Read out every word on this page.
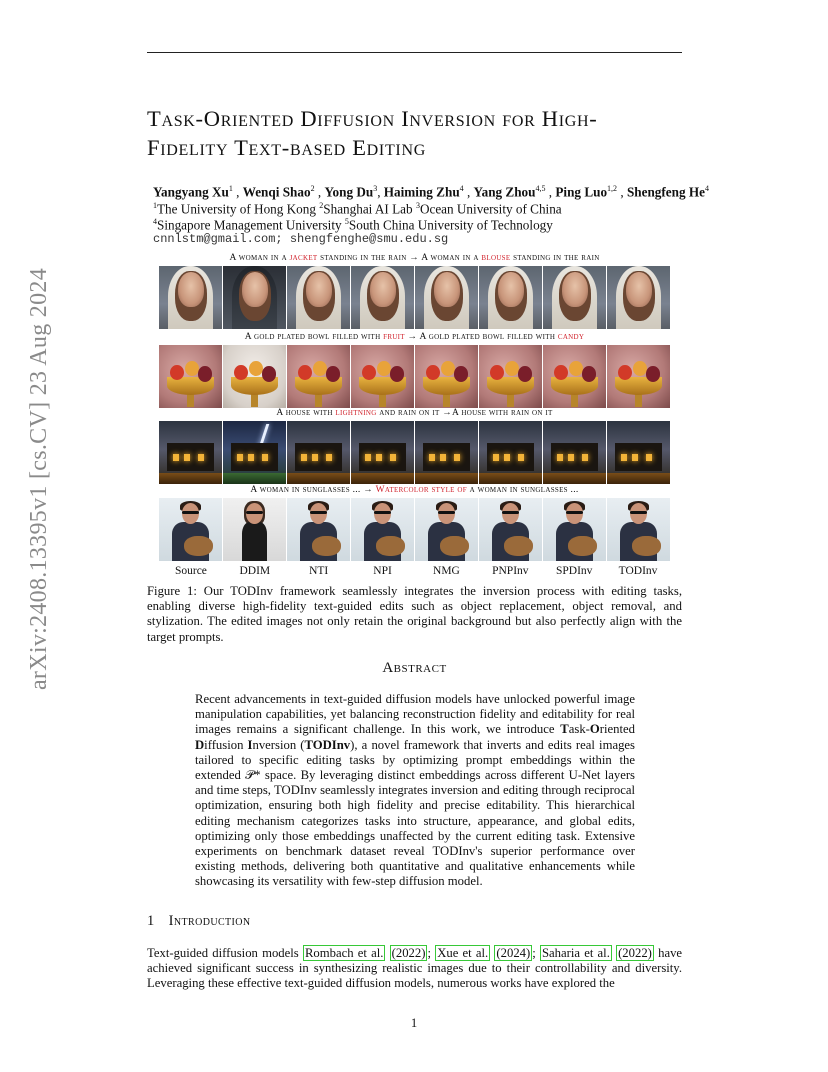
arXiv:2408.13395v1 [cs.CV] 23 Aug 2024
Task-Oriented Diffusion Inversion for High-
Fidelity Text-based Editing
Yangyang Xu$^1$ , Wenqi Shao$^2$ , Yong Du$^3$, Haiming Zhu$^4$ , Yang Zhou$^{4,5}$ , Ping Luo$^{1,2}$ , Shengfeng He$^4$
$^1$The University of Hong Kong $^2$Shanghai AI Lab $^3$Ocean University of China
$^4$Singapore Management University $^5$South China University of Technology
cnnlstm@gmail.com; shengfenghe@smu.edu.sg
A woman in a jacket standing in the rain → A woman in a blouse standing in the rain
A gold plated bowl filled with fruit → A gold plated bowl filled with candy
A house with lightning and rain on it →A house with rain on it
A woman in sunglasses ... → Watercolor style of a woman in sunglasses ...
Source	DDIM	NTI	NPI	NMG	PNPInv	SPDInv	TODInv
Figure 1: Our TODInv framework seamlessly integrates the inversion process with editing tasks, enabling diverse high-fidelity text-guided edits such as object replacement, object removal, and stylization. The edited images not only retain the original background but also perfectly align with the target prompts.
Abstract
Recent advancements in text-guided diffusion models have unlocked powerful image manipulation capabilities, yet balancing reconstruction fidelity and editability for real images remains a significant challenge. In this work, we introduce Task-Oriented Diffusion Inversion (TODInv), a novel framework that inverts and edits real images tailored to specific editing tasks by optimizing prompt embeddings within the extended 𝒫* space. By leveraging distinct embeddings across different U-Net layers and time steps, TODInv seamlessly integrates inversion and editing through reciprocal optimization, ensuring both high fidelity and precise editability. This hierarchical editing mechanism categorizes tasks into structure, appearance, and global edits, optimizing only those embeddings unaffected by the current editing task. Extensive experiments on benchmark dataset reveal TODInv's superior performance over existing methods, delivering both quantitative and qualitative enhancements while showcasing its versatility with few-step diffusion model.
1 Introduction
Text-guided diffusion models Rombach et al. (2022) ; Xue et al. (2024) ; Saharia et al. (2022) have achieved significant success in synthesizing realistic images due to their controllability and diversity. Leveraging these effective text-guided diffusion models, numerous works have explored the
1
